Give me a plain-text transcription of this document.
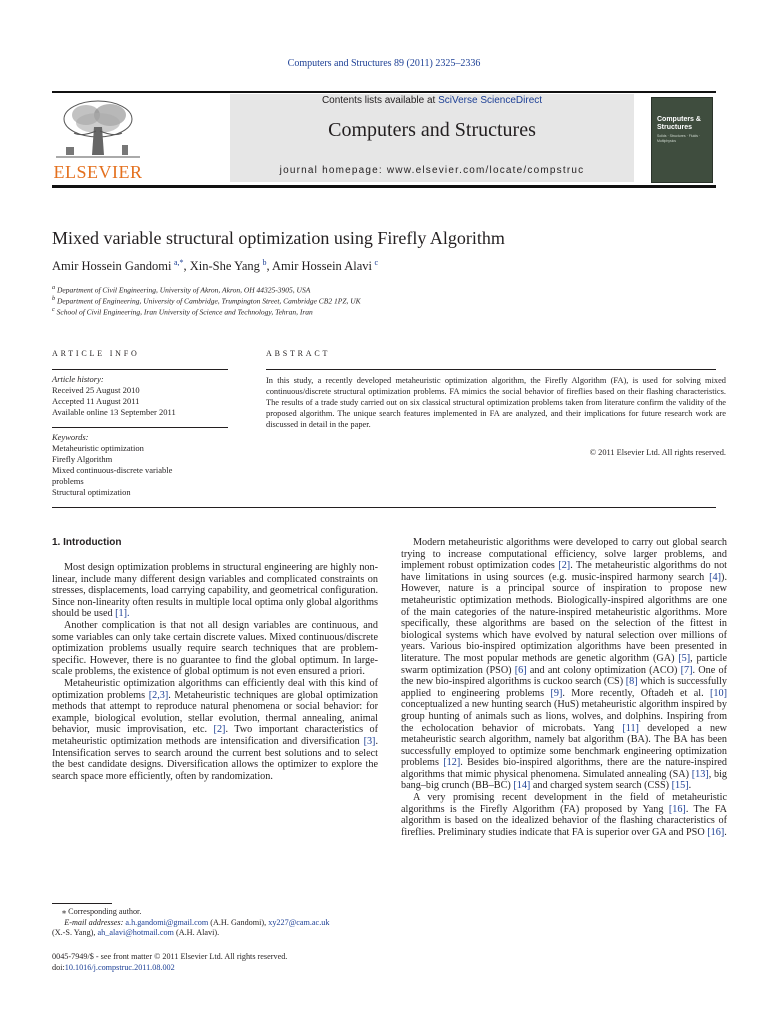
Computers and Structures 89 (2011) 2325–2336
ELSEVIER
Contents lists available at SciVerse ScienceDirect
Computers and Structures
journal homepage: www.elsevier.com/locate/compstruc
Computers & Structures
Solids · Structures · Fluids · Multiphysics
Mixed variable structural optimization using Firefly Algorithm
Amir Hossein Gandomi  $^{a,*}$, Xin-She Yang  $^b$, Amir Hossein Alavi  $^c$
$^a$ Department of Civil Engineering, University of Akron, Akron, OH 44325-3905, USA
$^b$ Department of Engineering, University of Cambridge, Trumpington Street, Cambridge CB2 1PZ, UK
$^c$ School of Civil Engineering, Iran University of Science and Technology, Tehran, Iran
ARTICLE INFO
Article history:
Received 25 August 2010
Accepted 11 August 2011
Available online 13 September 2011
Keywords:
Metaheuristic optimization
Firefly Algorithm
Mixed continuous-discrete variable
problems
Structural optimization
ABSTRACT
In this study, a recently developed metaheuristic optimization algorithm, the Firefly Algorithm (FA), is used for solving mixed continuous/discrete structural optimization problems. FA mimics the social behavior of fireflies based on their flashing characteristics. The results of a trade study carried out on six classical structural optimization problems taken from literature confirm the validity of the proposed algorithm. The unique search features implemented in FA are analyzed, and their implications for future research work are discussed in detail in the paper.
© 2011 Elsevier Ltd. All rights reserved.
1. Introduction

Most design optimization problems in structural engineering are highly non-linear, include many different design variables and complicated constraints on stresses, displacements, load carrying capability, and geometrical configuration. Since non-linearity often results in multiple local optima only global algorithms should be used [1].

Another complication is that not all design variables are continuous, and some variables can only take certain discrete values. Mixed continuous/discrete optimization problems usually require search techniques that are problem-specific. However, there is no guarantee to find the global optimum. In large-scale problems, the existence of global optimum is not even ensured a priori.

Metaheuristic optimization algorithms can efficiently deal with this kind of optimization problems [2,3]. Metaheuristic techniques are global optimization methods that attempt to reproduce natural phenomena or social behavior: for example, biological evolution, stellar evolution, thermal annealing, animal behavior, music improvisation, etc. [2]. Two important characteristics of metaheuristic optimization methods are intensification and diversification [3]. Intensification serves to search around the current best solutions and to select the best candidate designs. Diversification allows the optimizer to explore the search space more efficiently, often by randomization.

Modern metaheuristic algorithms were developed to carry out global search trying to increase computational efficiency, solve larger problems, and implement robust optimization codes [2]. The metaheuristic algorithms do not have limitations in using sources (e.g. music-inspired harmony search [4]). However, nature is a principal source of inspiration to propose new metaheuristic optimization methods. Biologically-inspired algorithms are one of the main categories of the nature-inspired metaheuristic algorithms. More specifically, these algorithms are based on the selection of the fittest in biological systems which have evolved by natural selection over millions of years. Various bio-inspired optimization algorithms have been presented in literature. The most popular methods are genetic algorithm (GA) [5], particle swarm optimization (PSO) [6] and ant colony optimization (ACO) [7]. One of the new bio-inspired algorithms is cuckoo search (CS) [8] which is successfully applied to engineering problems [9]. More recently, Oftadeh et al. [10] conceptualized a new hunting search (HuS) metaheuristic algorithm inspired by group hunting of animals such as lions, wolves, and dolphins. Inspiring from the echolocation behavior of microbats. Yang [11] developed a new metaheuristic search algorithm, namely bat algorithm (BA). The BA has been successfully employed to optimize some benchmark engineering optimization problems [12]. Besides bio-inspired algorithms, there are the nature-inspired algorithms that mimic physical phenomena. Simulated annealing (SA) [13], big bang–big crunch (BB–BC) [14] and charged system search (CSS) [15].

A very promising recent development in the field of metaheuristic algorithms is the Firefly Algorithm (FA) proposed by Yang [16]. The FA algorithm is based on the idealized behavior of the flashing characteristics of fireflies. Preliminary studies indicate that FA is superior over GA and PSO [16].

⁎ Corresponding author.
E-mail addresses: a.h.gandomi@gmail.com (A.H. Gandomi), xy227@cam.ac.uk
(X.-S. Yang), ah_alavi@hotmail.com (A.H. Alavi).
0045-7949/$ - see front matter © 2011 Elsevier Ltd. All rights reserved.
doi:10.1016/j.compstruc.2011.08.002
